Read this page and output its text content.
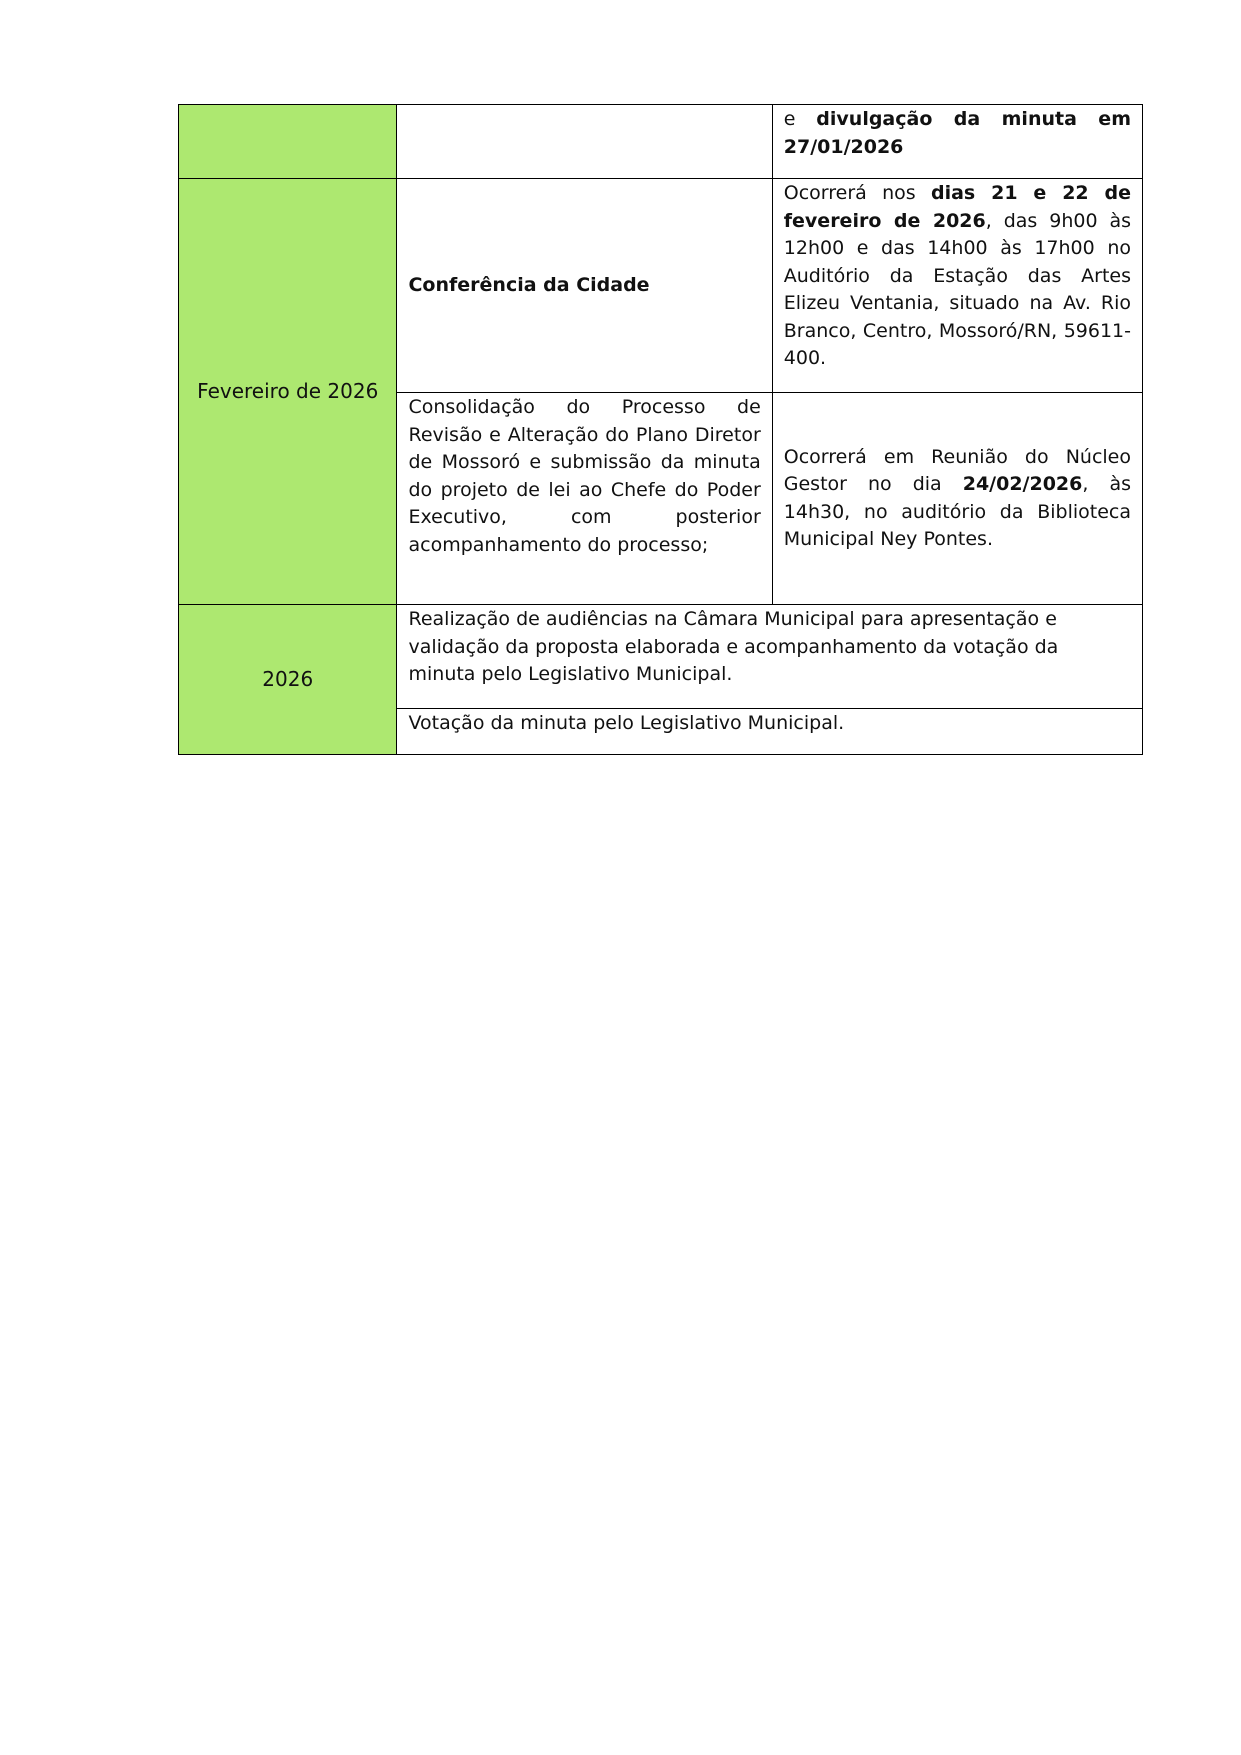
		e divulgação da minuta em 27/01/2026
Fevereiro de 2026	Conferência da Cidade	Ocorrerá nos dias 21 e 22 de fevereiro de 2026, das 9h00 às 12h00 e das 14h00 às 17h00 no Auditório da Estação das Artes Elizeu Ventania, situado na Av. Rio Branco, Centro, Mossoró/RN, 59611-400.
	Consolidação do Processo de Revisão e Alteração do Plano Diretor de Mossoró e submissão da minuta do projeto de lei ao Chefe do Poder Executivo, com posterior acompanhamento do processo;	Ocorrerá em Reunião do Núcleo Gestor no dia 24/02/2026, às 14h30, no auditório da Biblioteca Municipal Ney Pontes.
2026	Realização de audiências na Câmara Municipal para apresentação e validação da proposta elaborada e acompanhamento da votação da minuta pelo Legislativo Municipal.	
	Votação da minuta pelo Legislativo Municipal.	
